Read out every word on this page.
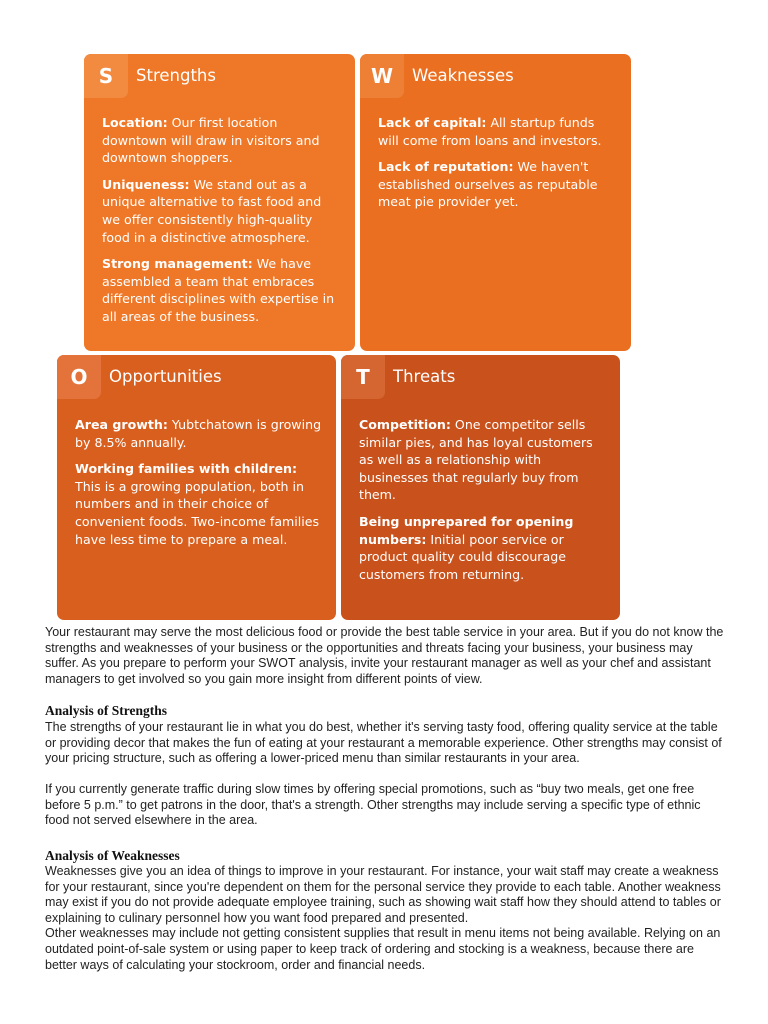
S	Strengths

Location: Our first location downtown will draw in visitors and downtown shoppers.

Uniqueness: We stand out as a unique alternative to fast food and we offer consistently high-quality food in a distinctive atmosphere.

Strong management: We have assembled a team that embraces different disciplines with expertise in all areas of the business.

W	Weaknesses

Lack of capital: All startup funds will come from loans and investors.

Lack of reputation: We haven't established ourselves as reputable meat pie provider yet.

O	Opportunities

Area growth: Yubtchatown is growing by 8.5% annually.

Working families with children: This is a growing population, both in numbers and in their choice of convenient foods. Two-income families have less time to prepare a meal.

T	Threats

Competition: One competitor sells similar pies, and has loyal customers as well as a relationship with businesses that regularly buy from them.

Being unprepared for opening numbers: Initial poor service or product quality could discourage customers from returning.

Your restaurant may serve the most delicious food or provide the best table service in your area. But if you do not know the strengths and weaknesses of your business or the opportunities and threats facing your business, your business may suffer. As you prepare to perform your SWOT analysis, invite your restaurant manager as well as your chef and assistant managers to get involved so you gain more insight from different points of view.

Analysis of Strengths

The strengths of your restaurant lie in what you do best, whether it's serving tasty food, offering quality service at the table or providing decor that makes the fun of eating at your restaurant a memorable experience. Other strengths may consist of your pricing structure, such as offering a lower-priced menu than similar restaurants in your area.

If you currently generate traffic during slow times by offering special promotions, such as “buy two meals, get one free before 5 p.m.” to get patrons in the door, that's a strength. Other strengths may include serving a specific type of ethnic food not served elsewhere in the area.

Analysis of Weaknesses

Weaknesses give you an idea of things to improve in your restaurant. For instance, your wait staff may create a weakness for your restaurant, since you're dependent on them for the personal service they provide to each table. Another weakness may exist if you do not provide adequate employee training, such as showing wait staff how they should attend to tables or explaining to culinary personnel how you want food prepared and presented.

Other weaknesses may include not getting consistent supplies that result in menu items not being available. Relying on an outdated point-of-sale system or using paper to keep track of ordering and stocking is a weakness, because there are better ways of calculating your stockroom, order and financial needs.
